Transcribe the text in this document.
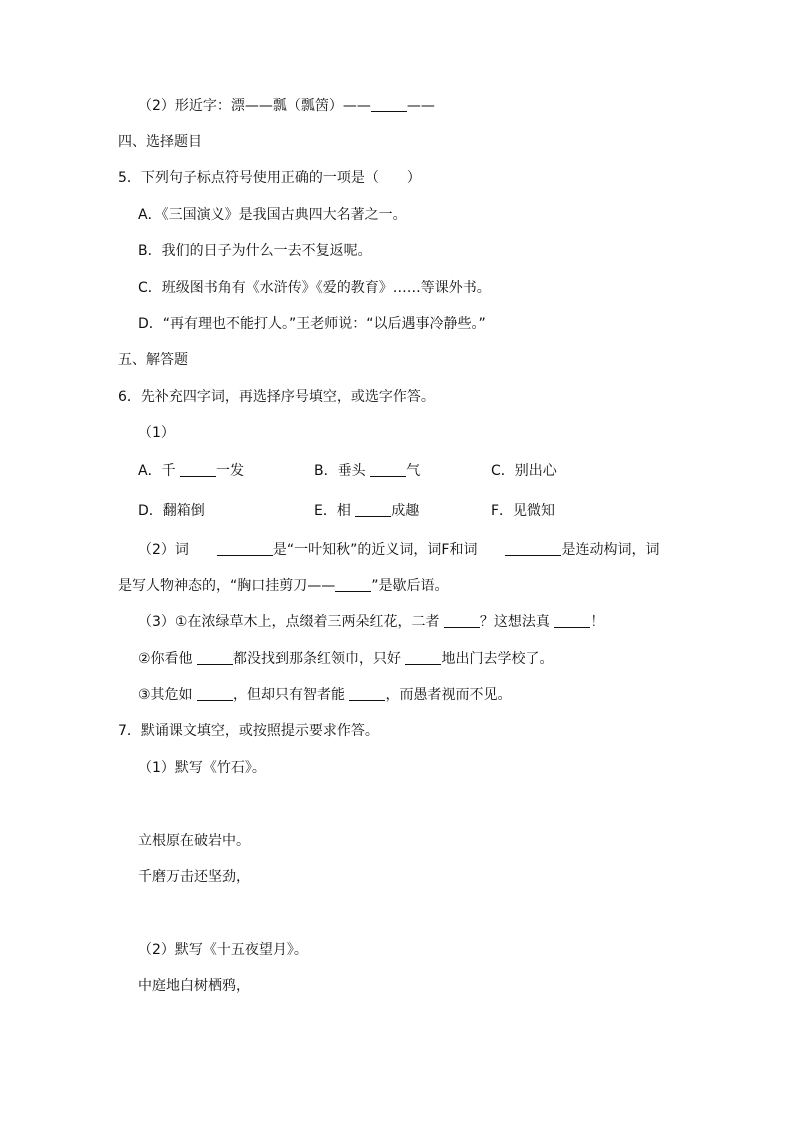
（2）形近字：漂——瓢（瓢䇧）——	——
四、选择题目
5．下列句子标点符号使用正确的一项是（　　）
A．《三国演义》是我国古典四大名著之一。
B．我们的日子为什么一去不复返呢。
C．班级图书角有《水浒传》《爱的教育》……等课外书。
D．“再有理也不能打人。”王老师说：“以后遇事冷静些。”
五、解答题
6．先补充四字词，再选择序号填空，或选字作答。
（1）
A．千	一发	B．垂头	气	C．别出心
D．翻箱倒	E．相	成趣	F．见微知
（2）词　　	是“一叶知秋”的近义词，词F和词　　	是连动构词，词
是写人物神态的，“胸口挂剪刀——	”是歇后语。
（3）①在浓绿草木上，点缀着三两朵红花，二者	？这想法真	！
②你看他	都没找到那条红领巾，只好	地出门去学校了。
③其危如	，但却只有智者能	，而愚者视而不见。
7．默诵课文填空，或按照提示要求作答。
（1）默写《竹石》。
立根原在破岩中。
千磨万击还坚劲，
（2）默写《十五夜望月》。
中庭地白树栖鸦，
